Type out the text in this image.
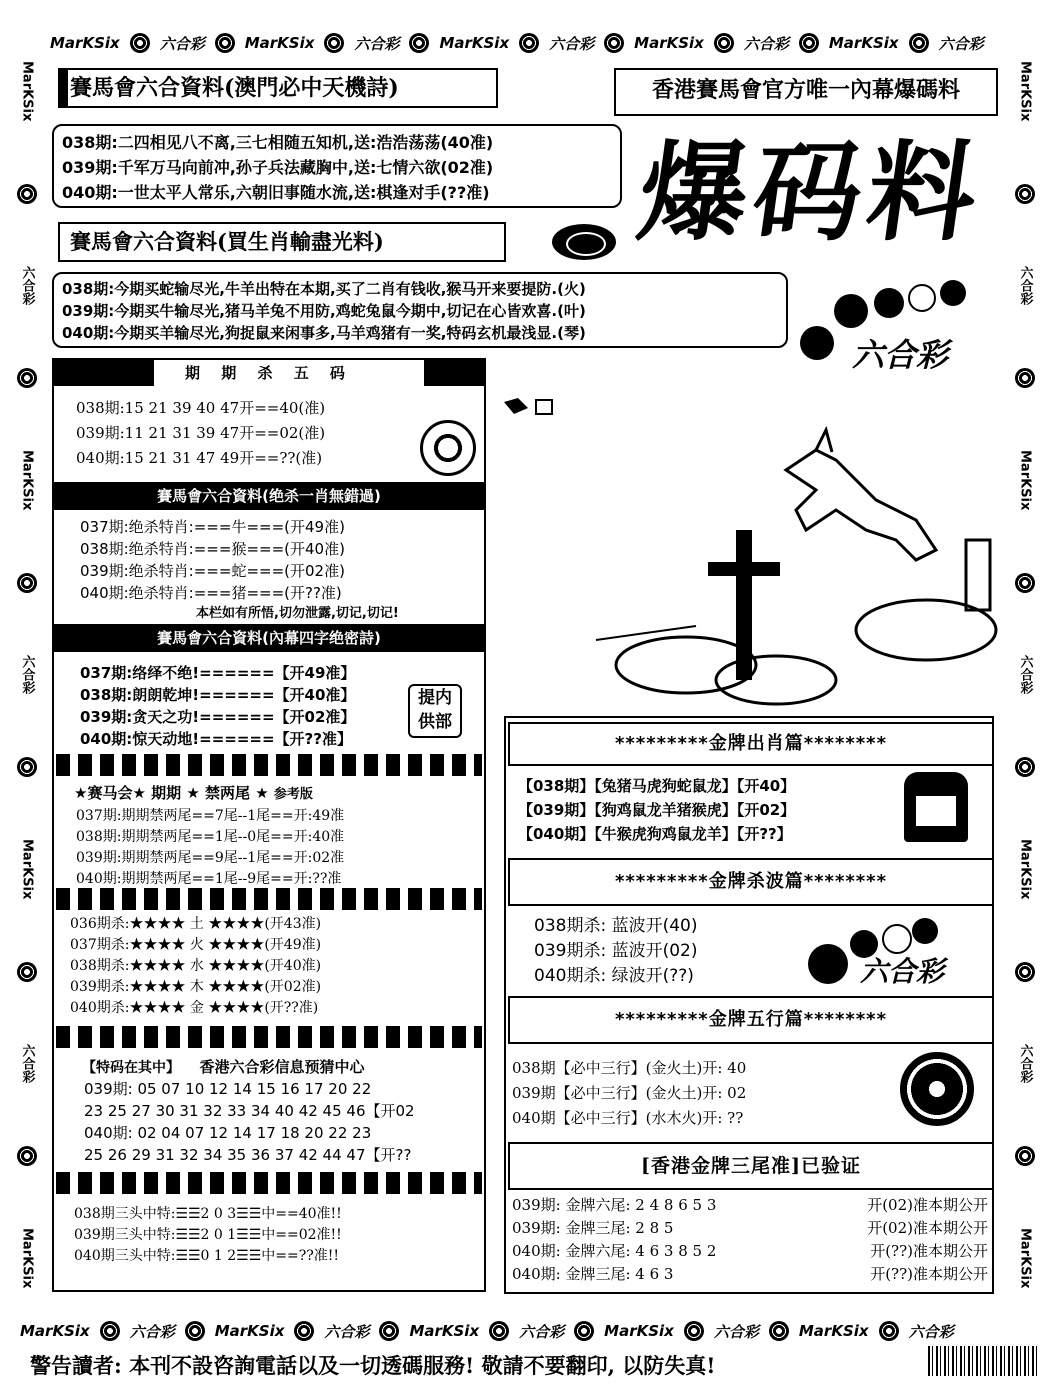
MarKSix	六合彩	MarKSix	六合彩	MarKSix	六合彩	MarKSix	六合彩	MarKSix	六合彩
MarKSix
六合彩
MarKSix
六合彩
MarKSix
六合彩
MarKSix
MarKSix
六合彩
MarKSix
六合彩
MarKSix
六合彩
MarKSix
賽馬會六合資料(澳門必中天機詩)	香港賽馬會官方唯一內幕爆碼料
038期:二四相见八不离,三七相随五知机,送:浩浩荡荡(40准)
039期:千军万马向前冲,孙子兵法藏胸中,送:七情六欲(02准)
040期:一世太平人常乐,六朝旧事随水流,送:棋逢对手(??准)	爆码料
賽馬會六合資料(買生肖輸盡光料)
038期:今期买蛇输尽光,牛羊出特在本期,买了二肖有钱收,猴马开来要提防.(火)
039期:今期买牛输尽光,猪马羊兔不用防,鸡蛇兔鼠今期中,切记在心皆欢喜.(叶)
040期:今期买羊输尽光,狗捉鼠来闲事多,马羊鸡猪有一奖,特码玄机最浅显.(琴)
六合彩
期 期 杀 五 码
038期:15 21 39 40 47开==40(准)
039期:11 21 31 39 47开==02(准)
040期:15 21 31 47 49开==??(准)
賽馬會六合資料(绝杀一肖無錯過)
037期:绝杀特肖:===牛===(开49准)
038期:绝杀特肖:===猴===(开40准)
039期:绝杀特肖:===蛇===(开02准)
040期:绝杀特肖:===猪===(开??准)
本栏如有所悟,切勿泄露,切记,切记!
賽馬會六合資料(內幕四字绝密詩)
037期:络绎不绝!======【开49准】
038期:朗朗乾坤!======【开40准】
039期:贪天之功!======【开02准】
040期:惊天动地!======【开??准】
提内供部
★赛马会★ 期期 ★ 禁两尾 ★ 参考版
037期:期期禁两尾==7尾--1尾==开:49准
038期:期期禁两尾==1尾--0尾==开:40准
039期:期期禁两尾==9尾--1尾==开:02准
040期:期期禁两尾==1尾--9尾==开:??准
036期杀:★★★★ 土 ★★★★(开43准)
037期杀:★★★★ 火 ★★★★(开49准)
038期杀:★★★★ 水 ★★★★(开40准)
039期杀:★★★★ 木 ★★★★(开02准)
040期杀:★★★★ 金 ★★★★(开??准)
【特码在其中】 香港六合彩信息预猜中心
039期: 05 07 10 12 14 15 16 17 20 22
23 25 27 30 31 32 33 34 40 42 45 46【开02
040期: 02 04 07 12 14 17 18 20 22 23
25 26 29 31 32 34 35 36 37 42 44 47【开??
038期三头中特:☰☰2 0 3☰☰中==40准!!
039期三头中特:☰☰2 0 1☰☰中==02准!!
040期三头中特:☰☰0 1 2☰☰中==??准!!
*********金牌出肖篇********
【038期】【兔猪马虎狗蛇鼠龙】【开40】
【039期】【狗鸡鼠龙羊猪猴虎】【开02】
【040期】【牛猴虎狗鸡鼠龙羊】【开??】
*********金牌杀波篇********
038期杀: 蓝波开(40)
039期杀: 蓝波开(02)
040期杀: 绿波开(??)	六合彩
*********金牌五行篇********
038期【必中三行】(金火土)开: 40
039期【必中三行】(金火土)开: 02
040期【必中三行】(水木火)开: ??
[香港金牌三尾准]已验证
039期: 金牌六尾: 2 4 8 6 5 3	开(02)准本期公开
039期: 金牌三尾: 2 8 5	开(02)准本期公开
040期: 金牌六尾: 4 6 3 8 5 2	开(??)准本期公开
040期: 金牌三尾: 4 6 3	开(??)准本期公开
MarKSix	六合彩	MarKSix	六合彩	MarKSix	六合彩	MarKSix	六合彩	MarKSix	六合彩
警告讀者: 本刊不設咨詢電話以及一切透碼服務! 敬請不要翻印, 以防失真!
